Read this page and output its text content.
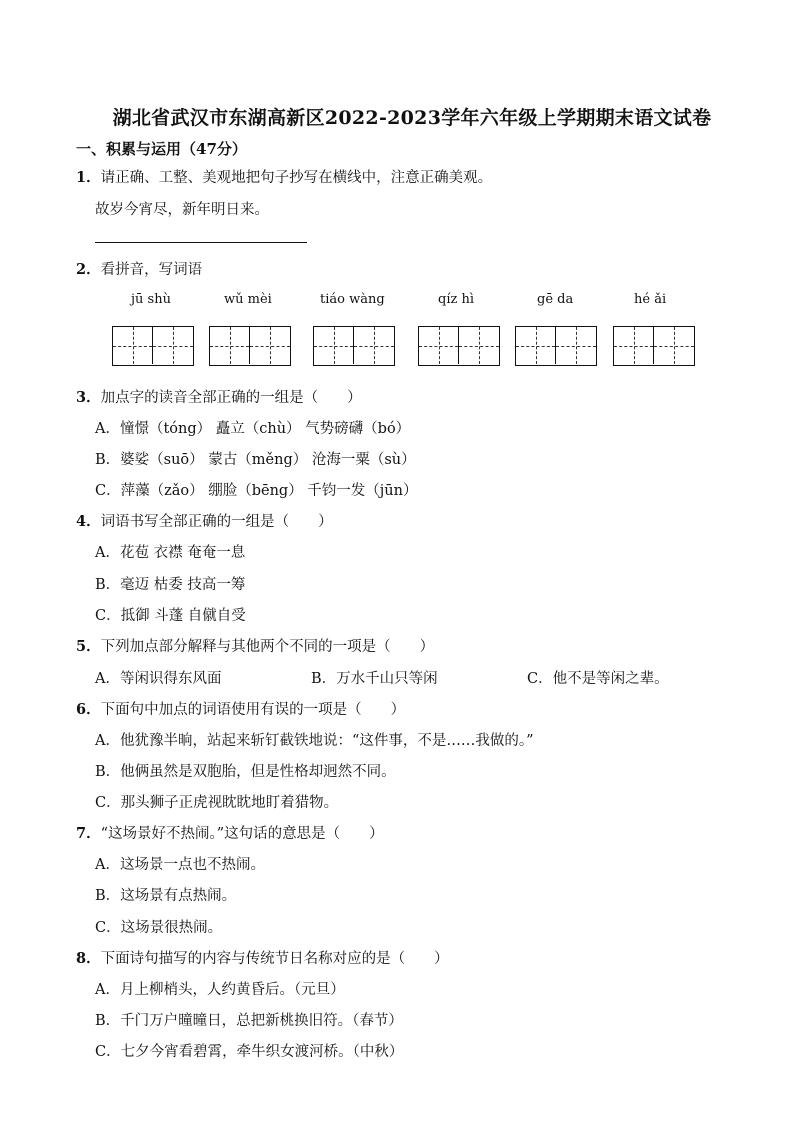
湖北省武汉市东湖高新区2022-2023学年六年级上学期期末语文试卷
一、积累与运用（47分）
1．请正确、工整、美观地把句子抄写在横线中，注意正确美观。
故岁今宵尽，新年明日来。
2．看拼音，写词语
jū shù	wǔ mèi	tiáo wàng	qíz hì	gē da	hé ǎi
3．加点字的读音全部正确的一组是（　　）
A．憧憬（tóng） 矗立（chù） 气势磅礴（bó）
B．婆娑（suō） 蒙古（měng） 沧海一粟（sù）
C．萍藻（zǎo） 绷脸（bēng） 千钧一发（jūn）
4．词语书写全部正确的一组是（　　）
A．花苞 衣襟 奄奄一息
B．毫迈 枯委 技高一筹
C．抵御 斗蓬 自僦自受
5．下列加点部分解释与其他两个不同的一项是（　　）
A．等闲识得东风面	B．万水千山只等闲	C．他不是等闲之辈。
6．下面句中加点的词语使用有误的一项是（　　）
A．他犹豫半晌，站起来斩钉截铁地说：“这件事，不是……我做的。”
B．他俩虽然是双胞胎，但是性格却迥然不同。
C．那头狮子正虎视眈眈地盯着猎物。
7．“这场景好不热闹。”这句话的意思是（　　）
A．这场景一点也不热闹。
B．这场景有点热闹。
C．这场景很热闹。
8．下面诗句描写的内容与传统节日名称对应的是（　　）
A．月上柳梢头，人约黄昏后。（元旦）
B．千门万户曈曈日，总把新桃换旧符。（春节）
C．七夕今宵看碧霄，牵牛织女渡河桥。（中秋）
